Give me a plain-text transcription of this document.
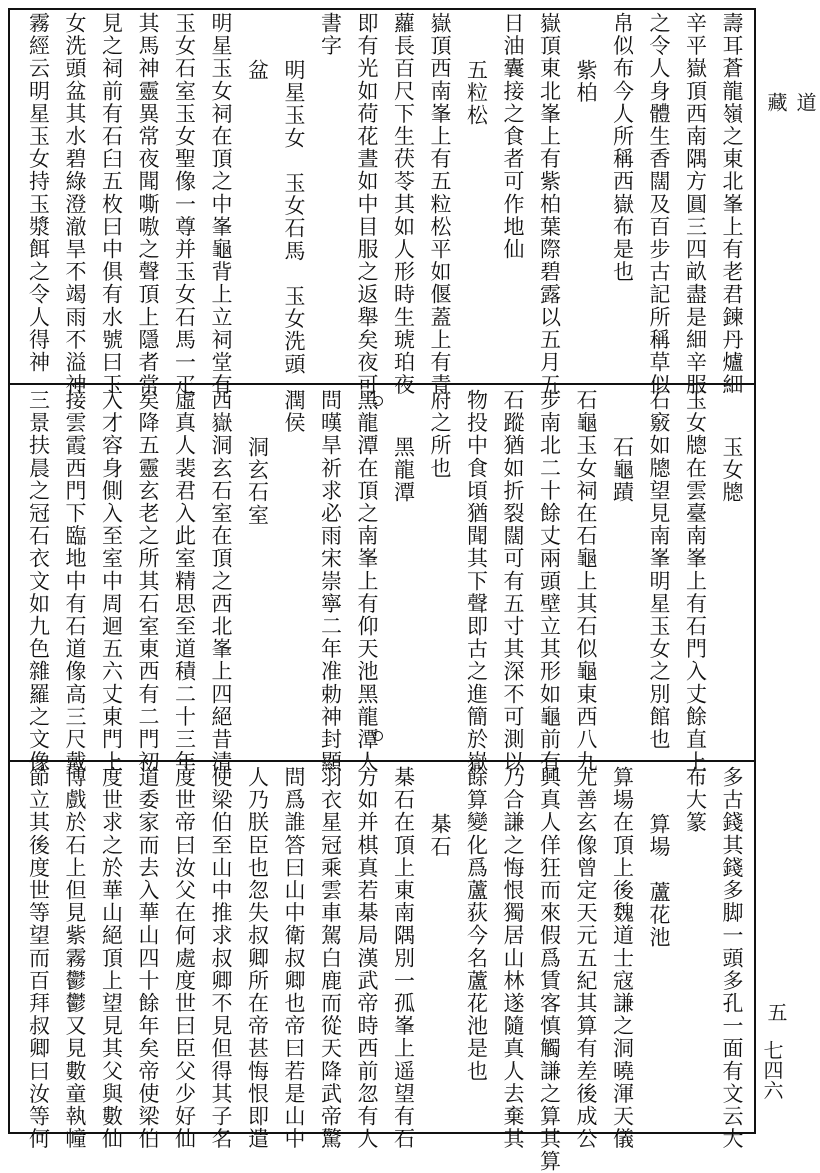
壽耳蒼龍嶺之東北峯上有老君鍊丹爐細
辛平嶽頂西南隅方圓三四畝盡是細辛服
之令人身體生香闊及百步古記所稱草似
帛似布今人所稱西嶽布是也
紫柏
嶽頂東北峯上有紫柏葉際碧露以五月五
日油囊接之食者可作地仙
五粒松
嶽頂西南峯上有五粒松平如偃蓋上有青
蘿長百尺下生茯苓其如人形時生琥珀夜
即有光如荷花晝如中目服之返舉矣夜可
書字
明星玉女　玉女石馬　玉女洗頭
盆
明星玉女祠在頂之中峯龜背上立祠堂有
玉女石室玉女聖像一尊并玉女石馬一疋
其馬神靈異常夜聞嘶嗷之聲頂上隱者常
見之祠前有石臼五枚曰中俱有水號曰玉
女洗頭盆其水碧綠澄澈旱不竭雨不溢神
霧經云明星玉女持玉漿餌之令人得神
玉女牕
玉女牕在雲臺南峯上有石門入丈餘直上
石竅如牕望見南峯明星玉女之別館也
石龜蹟
石龜玉女祠在石龜上其石似龜東西八九
步南北二十餘丈兩頭壁立其形如龜前有
石蹤猶如折裂闊可有五寸其深不可測以
物投中食頃猶聞其下聲即古之進簡於嶽
府之所也
黑龍潭
黑龍潭在頂之南峯上有仰天池黑龍潭人
問暵旱祈求必雨宋崇寧二年准勅神封顯
潤侯
洞玄石室
西嶽洞玄石室在頂之西北峯上四絕昔清
虛真人裴君入此室精思至道積二十三年
矣降五靈玄老之所其石室東西有二門初
入才容身側入至室中周迴五六丈東門上
接雲霞西門下臨地中有石道像高三尺戴
三景扶晨之冠石衣文如九色雜羅之文像
多古錢其錢多脚一頭多孔一面有文云大
布大篆
算場　蘆花池
算場在頂上後魏道士寇謙之洞曉渾天儀
尤善玄像曾定天元五紀其算有差後成公
興真人佯狂而來假爲賃客慎觸謙之算其算
乃合謙之悔恨獨居山林遂隨真人去棄其
餘算變化爲蘆荻今名蘆花池是也
棊石
棊石在頂上東南隅別一孤峯上遥望有石
方如并棋真若棊局漢武帝時西前忽有人
羽衣星冠乘雲車駕白鹿而從天降武帝驚
問爲誰答曰山中衛叔卿也帝曰若是山中
人乃朕臣也忽失叔卿所在帝甚悔恨即遣
使梁伯至山中推求叔卿不見但得其子名
度世帝曰汝父在何處度世曰臣父少好仙
道委家而去入華山四十餘年矣帝使梁伯
度世求之於華山絕頂上望見其父與數仙
博戲於石上但見紫霧鬱鬱又見數童執幢
節立其後度世等望而百拜叔卿曰汝等何
道藏
五
七四六
